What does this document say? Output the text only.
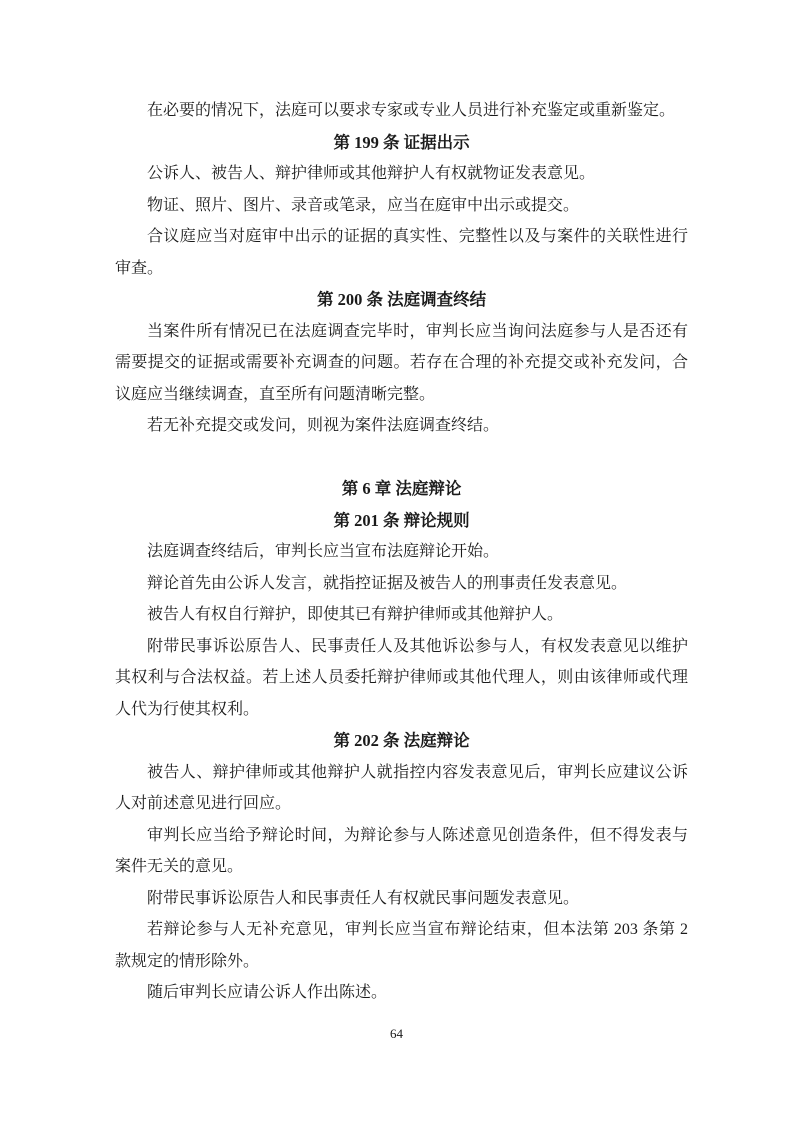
在必要的情况下，法庭可以要求专家或专业人员进行补充鉴定或重新鉴定。

第 199 条 证据出示

公诉人、被告人、辩护律师或其他辩护人有权就物证发表意见。

物证、照片、图片、录音或笔录，应当在庭审中出示或提交。

合议庭应当对庭审中出示的证据的真实性、完整性以及与案件的关联性进行审查。

第 200 条 法庭调查终结

当案件所有情况已在法庭调查完毕时，审判长应当询问法庭参与人是否还有需要提交的证据或需要补充调查的问题。若存在合理的补充提交或补充发问，合议庭应当继续调查，直至所有问题清晰完整。

若无补充提交或发问，则视为案件法庭调查终结。

第 6 章 法庭辩论
第 201 条 辩论规则

法庭调查终结后，审判长应当宣布法庭辩论开始。

辩论首先由公诉人发言，就指控证据及被告人的刑事责任发表意见。

被告人有权自行辩护，即使其已有辩护律师或其他辩护人。

附带民事诉讼原告人、民事责任人及其他诉讼参与人，有权发表意见以维护其权利与合法权益。若上述人员委托辩护律师或其他代理人，则由该律师或代理人代为行使其权利。

第 202 条 法庭辩论

被告人、辩护律师或其他辩护人就指控内容发表意见后，审判长应建议公诉人对前述意见进行回应。

审判长应当给予辩论时间，为辩论参与人陈述意见创造条件，但不得发表与案件无关的意见。

附带民事诉讼原告人和民事责任人有权就民事问题发表意见。

若辩论参与人无补充意见，审判长应当宣布辩论结束，但本法第 203 条第 2 款规定的情形除外。

随后审判长应请公诉人作出陈述。

64
